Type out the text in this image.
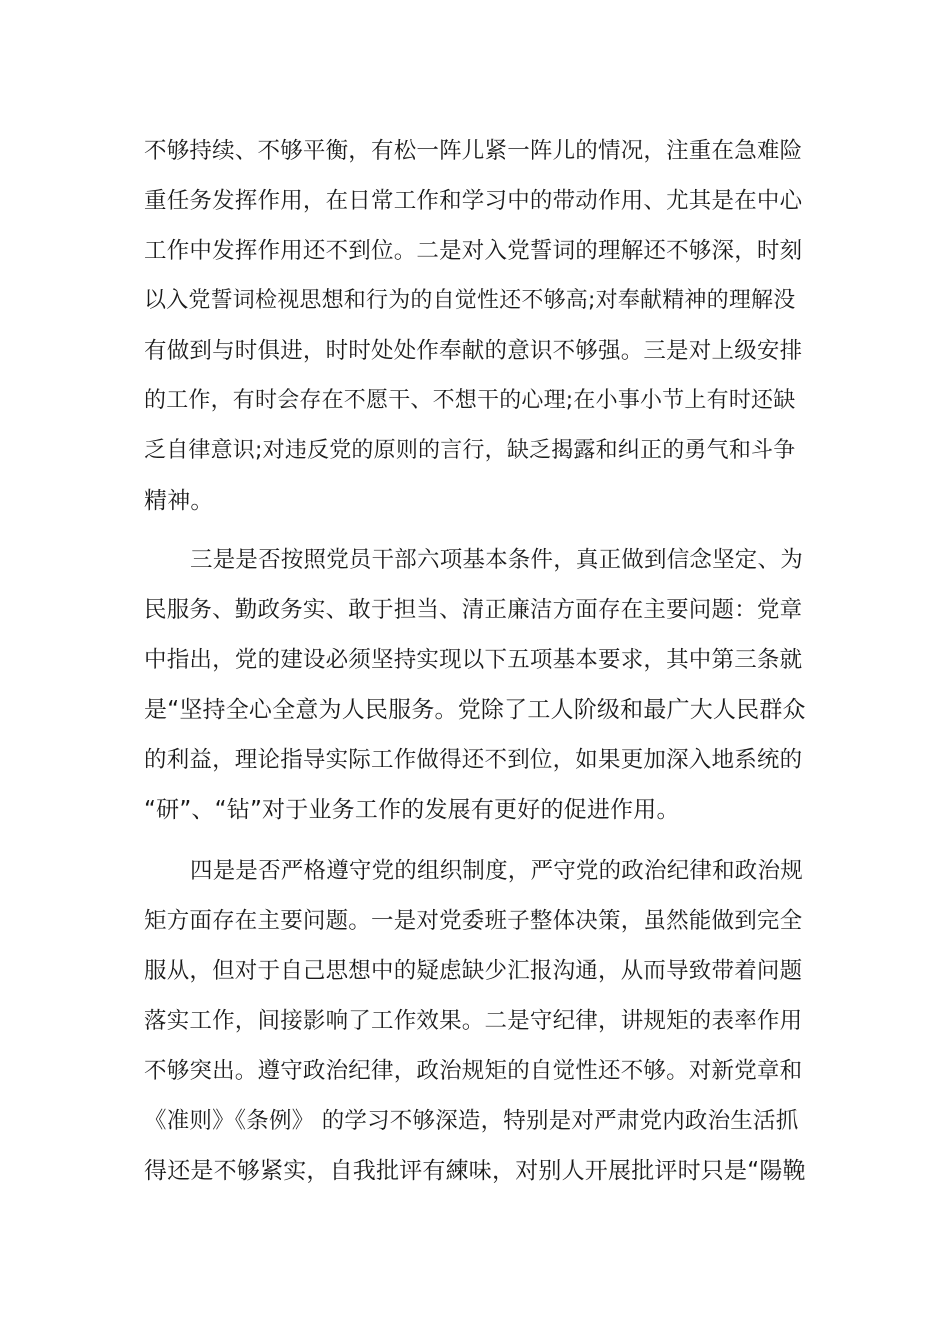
不够持续、不够平衡，有松一阵儿紧一阵儿的情况，注重在急难险
重任务发挥作用，在日常工作和学习中的带动作用、尤其是在中心
工作中发挥作用还不到位。二是对入党誓词的理解还不够深，时刻
以入党誓词检视思想和行为的自觉性还不够高;对奉献精神的理解没
有做到与时俱进，时时处处作奉献的意识不够强。三是对上级安排
的工作，有时会存在不愿干、不想干的心理;在小事小节上有时还缺
乏自律意识;对违反党的原则的言行，缺乏揭露和纠正的勇气和斗争
精神。
三是是否按照党员干部六项基本条件，真正做到信念坚定、为
民服务、勤政务实、敢于担当、清正廉洁方面存在主要问题：党章
中指出，党的建设必须坚持实现以下五项基本要求，其中第三条就
是“坚持全心全意为人民服务。党除了工人阶级和最广大人民群众
的利益，理论指导实际工作做得还不到位，如果更加深入地系统的
“研”、“钻”对于业务工作的发展有更好的促进作用。
四是是否严格遵守党的组织制度，严守党的政治纪律和政治规
矩方面存在主要问题。一是对党委班子整体决策，虽然能做到完全
服从，但对于自己思想中的疑虑缺少汇报沟通，从而导致带着问题
落实工作，间接影响了工作效果。二是守纪律，讲规矩的表率作用
不够突出。遵守政治纪律，政治规矩的自觉性还不够。对新党章和
《准则》《条例》 的学习不够深造，特别是对严肃党内政治生活抓
得还是不够紧实，自我批评有練味，对别人开展批评时只是“陽鞔
